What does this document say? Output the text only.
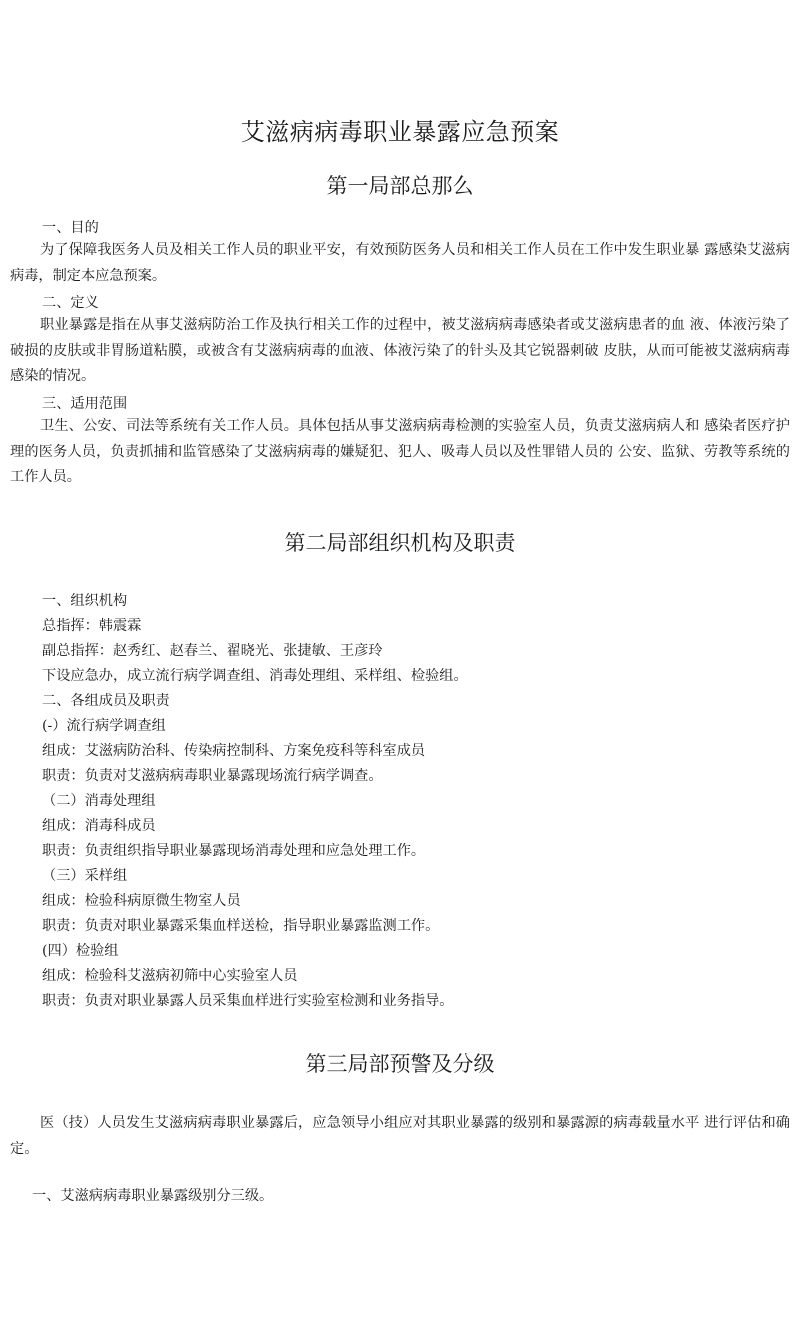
艾滋病病毒职业暴露应急预案
第一局部总那么
一、目的
为了保障我医务人员及相关工作人员的职业平安，有效预防医务人员和相关工作人员在工作中发生职业暴 露感染艾滋病病毒，制定本应急预案。
二、定义
职业暴露是指在从事艾滋病防治工作及执行相关工作的过程中，被艾滋病病毒感染者或艾滋病患者的血 液、体液污染了破损的皮肤或非胃肠道粘膜，或被含有艾滋病病毒的血液、体液污染了的针头及其它锐器刺破 皮肤，从而可能被艾滋病病毒感染的情况。
三、适用范围
卫生、公安、司法等系统有关工作人员。具体包括从事艾滋病病毒检测的实验室人员，负责艾滋病病人和 感染者医疗护理的医务人员，负责抓捕和监管感染了艾滋病病毒的嫌疑犯、犯人、吸毒人员以及性罪错人员的 公安、监狱、劳教等系统的工作人员。
第二局部组织机构及职责
一、组织机构
总指挥：韩震霖
副总指挥：赵秀红、赵春兰、翟晓光、张捷敏、王彦玲
下设应急办，成立流行病学调查组、消毒处理组、采样组、检验组。
二、各组成员及职责
(-）流行病学调查组
组成：艾滋病防治科、传染病控制科、方案免疫科等科室成员
职责：负责对艾滋病病毒职业暴露现场流行病学调查。
（二）消毒处理组
组成：消毒科成员
职责：负责组织指导职业暴露现场消毒处理和应急处理工作。
（三）采样组
组成：检验科病原微生物室人员
职责：负责对职业暴露采集血样送检，指导职业暴露监测工作。
(四）检验组
组成：检验科艾滋病初筛中心实验室人员
职责：负责对职业暴露人员采集血样进行实验室检测和业务指导。
第三局部预警及分级
医（技）人员发生艾滋病病毒职业暴露后，应急领导小组应对其职业暴露的级别和暴露源的病毒载量水平 进行评估和确定。
一、艾滋病病毒职业暴露级别分三级。
